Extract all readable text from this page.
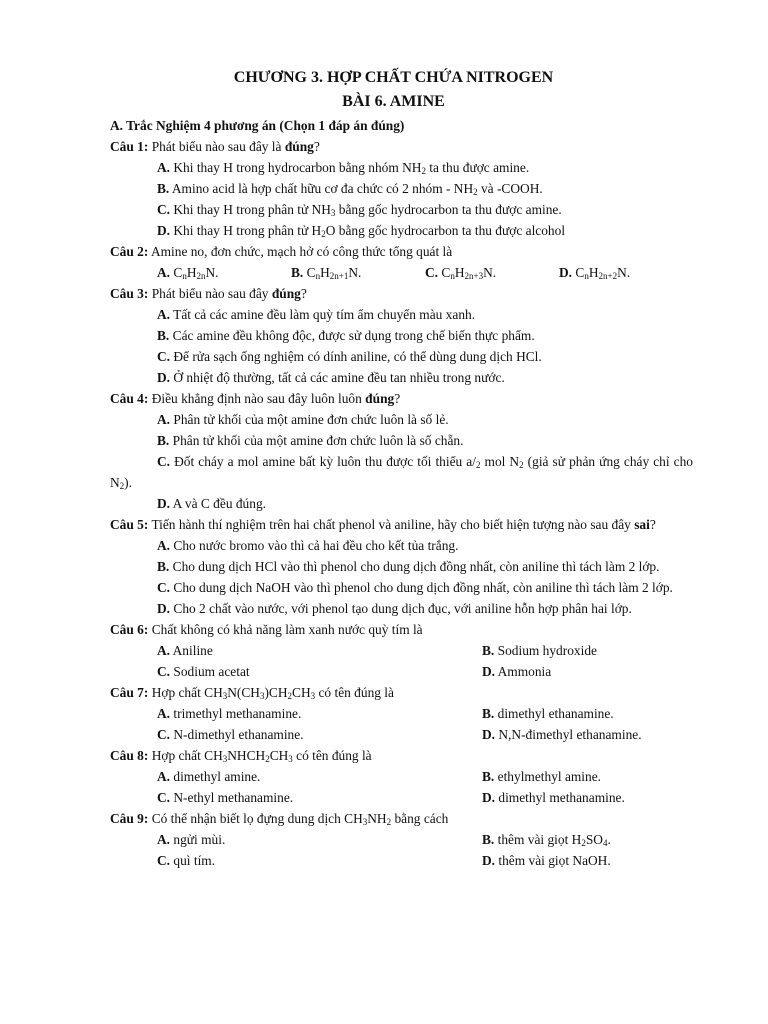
CHƯƠNG 3. HỢP CHẤT CHỨA NITROGEN
BÀI 6. AMINE
A. Trắc Nghiệm 4 phương án (Chọn 1 đáp án đúng)
Câu 1: Phát biểu nào sau đây là đúng?
A. Khi thay H trong hydrocarbon bằng nhóm $NH_2$ ta thu được amine.
B. Amino acid là hợp chất hữu cơ đa chức có 2 nhóm - $NH_2$ và -COOH.
C. Khi thay H trong phân tử $NH_3$ bằng gốc hydrocarbon ta thu được amine.
D. Khi thay H trong phân tử $H_2O$ bằng gốc hydrocarbon ta thu được alcohol
Câu 2: Amine no, đơn chức, mạch hở có công thức tổng quát là
A. $C_nH_{2n}N$.	B. $C_nH_{2n+1}N$.	C. $C_nH_{2n+3}N$.	D. $C_nH_{2n+2}N$.
Câu 3: Phát biểu nào sau đây đúng?
A. Tất cả các amine đều làm quỳ tím ẩm chuyển màu xanh.
B. Các amine đều không độc, được sử dụng trong chế biến thực phẩm.
C. Để rửa sạch ống nghiệm có dính aniline, có thể dùng dung dịch HCl.
D. Ở nhiệt độ thường, tất cả các amine đều tan nhiều trong nước.
Câu 4: Điều khẳng định nào sau đây luôn luôn đúng?
A. Phân tử khối của một amine đơn chức luôn là số lẻ.
B. Phân tử khối của một amine đơn chức luôn là số chẵn.
C. Đốt cháy a mol amine bất kỳ luôn thu được tối thiểu $a/_2$ mol $N_2$ (giả sử phản ứng cháy chỉ cho $N_2$).
D. A và C đều đúng.
Câu 5: Tiến hành thí nghiệm trên hai chất phenol và aniline, hãy cho biết hiện tượng nào sau đây sai?
A. Cho nước bromo vào thì cả hai đều cho kết tủa trắng.
B. Cho dung dịch HCl vào thì phenol cho dung dịch đồng nhất, còn aniline thì tách làm 2 lớp.
C. Cho dung dịch NaOH vào thì phenol cho dung dịch đồng nhất, còn aniline thì tách làm 2 lớp.
D. Cho 2 chất vào nước, với phenol tạo dung dịch đục, với aniline hỗn hợp phân hai lớp.
Câu 6: Chất không có khả năng làm xanh nước quỳ tím là
A. Aniline	B. Sodium hydroxide
C. Sodium acetat	D. Ammonia
Câu 7: Hợp chất $CH_3N(CH_3)CH_2CH_3$ có tên đúng là
A. trimethyl methanamine.	B. dimethyl ethanamine.
C. N-dimethyl ethanamine.	D. N,N-đimethyl ethanamine.
Câu 8: Hợp chất $CH_3NHCH_2CH_3$ có tên đúng là
A. dimethyl amine.	B. ethylmethyl amine.
C. N-ethyl methanamine.	D. dimethyl methanamine.
Câu 9: Có thể nhận biết lọ đựng dung dịch $CH_3NH_2$ bằng cách
A. ngửi mùi.	B. thêm vài giọt $H_2SO_4$.
C. quì tím.	D. thêm vài giọt NaOH.
